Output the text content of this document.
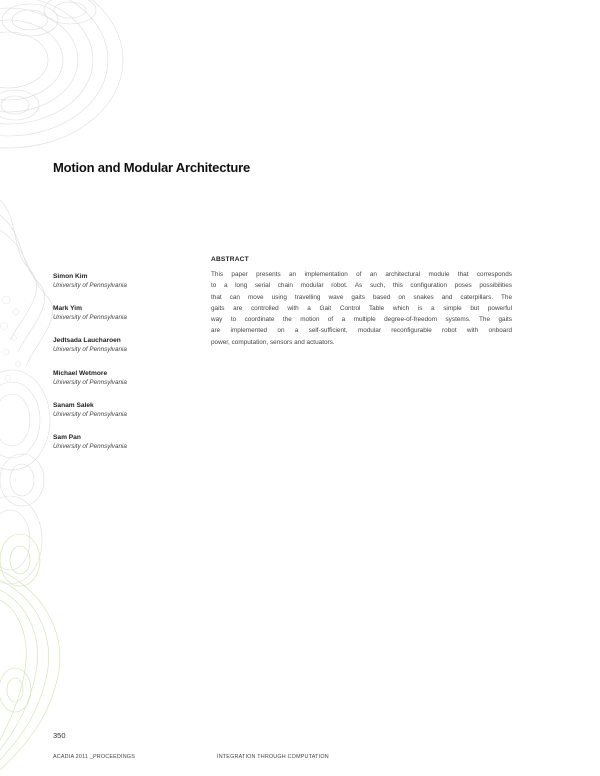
Motion and Modular Architecture
Simon Kim
University of Pennsylvania
Mark Yim
University of Pennsylvania
Jedtsada Laucharoen
University of Pennsylvania
Michael Wetmore
University of Pennsylvania
Sanam Salek
University of Pennsylvania
Sam Pan
University of Pennsylvania
ABSTRACT
This paper presents an implementation of an architectural module that corresponds
to a long serial chain modular robot. As such, this configuration poses possibilities
that can move using travelling wave gaits based on snakes and caterpillars. The
gaits are controlled with a Gait Control Table which is a simple but powerful
way to coordinate the motion of a multiple degree-of-freedom systems. The gaits
are implemented on a self-sufficient, modular reconfigurable robot with onboard
power, computation, sensors and actuators.
350
ACADIA 2011 _PROCEEDINGS	INTEGRATION THROUGH COMPUTATION
